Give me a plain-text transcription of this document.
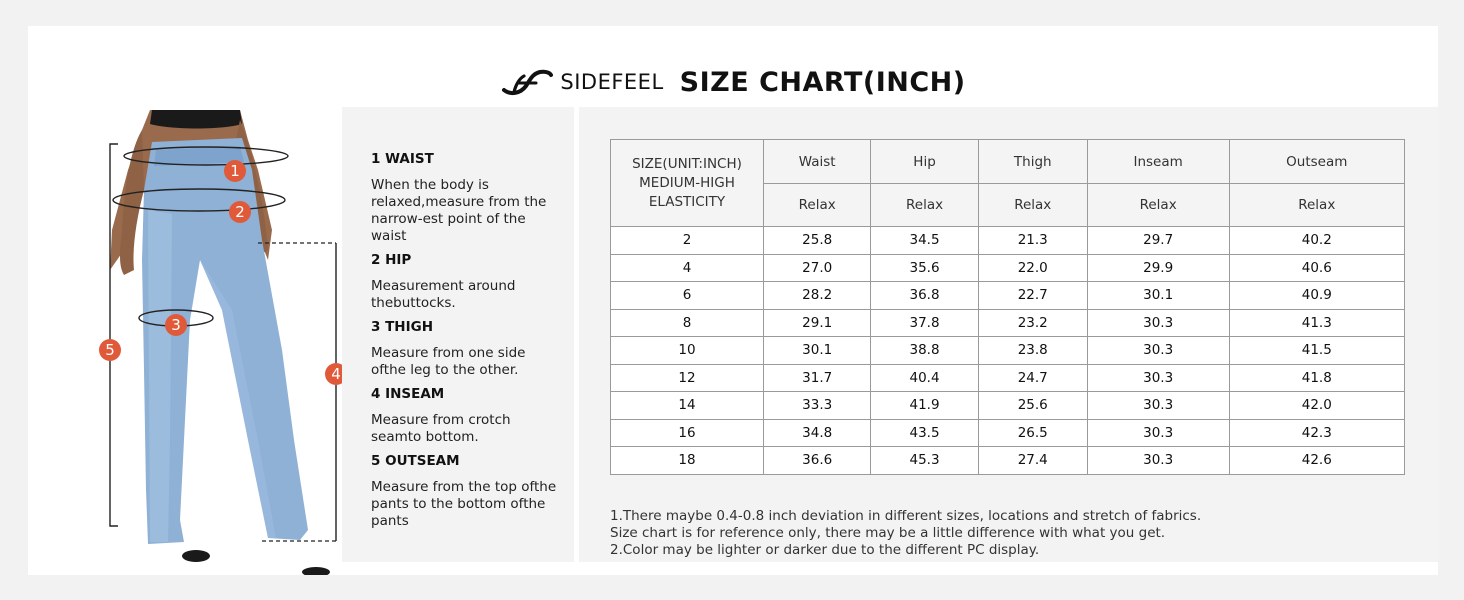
SIDEFEEL SIZE CHART(INCH)
1
2
3
4
5

1 WAIST

When the body is relaxed,measure from the narrow-est point of the waist

2 HIP

Measurement around thebuttocks.

3 THIGH

Measure from one side ofthe leg to the other.

4 INSEAM

Measure from crotch seamto bottom.

5 OUTSEAM

Measure from the top ofthe pants to the bottom ofthe pants

SIZE(UNIT:INCH)
MEDIUM-HIGH
ELASTICITY	Waist	Hip	Thigh	Inseam	Outseam
	Relax	Relax	Relax	Relax	Relax
2	25.8	34.5	21.3	29.7	40.2
4	27.0	35.6	22.0	29.9	40.6
6	28.2	36.8	22.7	30.1	40.9
8	29.1	37.8	23.2	30.3	41.3
10	30.1	38.8	23.8	30.3	41.5
12	31.7	40.4	24.7	30.3	41.8
14	33.3	41.9	25.6	30.3	42.0
16	34.8	43.5	26.5	30.3	42.3
18	36.6	45.3	27.4	30.3	42.6

1.There maybe 0.4-0.8 inch deviation in different sizes, locations and stretch of fabrics.

Size chart is for reference only, there may be a little difference with what you get.

2.Color may be lighter or darker due to the different PC display.
